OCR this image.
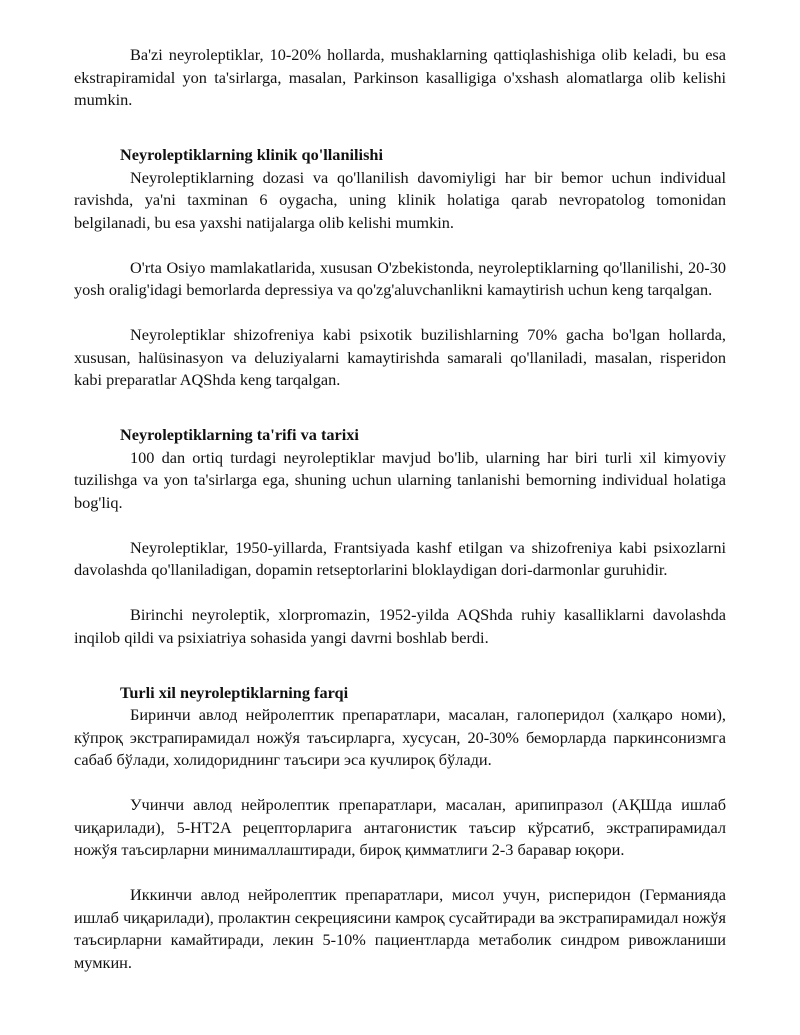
Ba'zi neyroleptiklar, 10-20% hollarda, mushaklarning qattiqlashishiga olib keladi, bu esa ekstrapiramidal yon ta'sirlarga, masalan, Parkinson kasalligiga o'xshash alomatlarga olib kelishi mumkin.

Neyroleptiklarning klinik qo'llanilishi

Neyroleptiklarning dozasi va qo'llanilish davomiyligi har bir bemor uchun individual ravishda, ya'ni taxminan 6 oygacha, uning klinik holatiga qarab nevropatolog tomonidan belgilanadi, bu esa yaxshi natijalarga olib kelishi mumkin.

O'rta Osiyo mamlakatlarida, xususan O'zbekistonda, neyroleptiklarning qo'llanilishi, 20-30 yosh oralig'idagi bemorlarda depressiya va qo'zg'aluvchanlikni kamaytirish uchun keng tarqalgan.

Neyroleptiklar shizofreniya kabi psixotik buzilishlarning 70% gacha bo'lgan hollarda, xususan, halüsinasyon va deluziyalarni kamaytirishda samarali qo'llaniladi, masalan, risperidon kabi preparatlar AQShda keng tarqalgan.

Neyroleptiklarning ta'rifi va tarixi

100 dan ortiq turdagi neyroleptiklar mavjud bo'lib, ularning har biri turli xil kimyoviy tuzilishga va yon ta'sirlarga ega, shuning uchun ularning tanlanishi bemorning individual holatiga bog'liq.

Neyroleptiklar, 1950-yillarda, Frantsiyada kashf etilgan va shizofreniya kabi psixozlarni davolashda qo'llaniladigan, dopamin retseptorlarini bloklaydigan dori-darmonlar guruhidir.

Birinchi neyroleptik, xlorpromazin, 1952-yilda AQShda ruhiy kasalliklarni davolashda inqilob qildi va psixiatriya sohasida yangi davrni boshlab berdi.

Turli xil neyroleptiklarning farqi

Биринчи авлод нейролептик препаратлари, масалан, галоперидол (халқаро номи), кўпроқ экстрапирамидал ножўя таъсирларга, хусусан, 20-30% беморларда паркинсонизмга сабаб бўлади, холидориднинг таъсири эса кучлироқ бўлади.

Учинчи авлод нейролептик препаратлари, масалан, арипипразол (АҚШда ишлаб чиқарилади), 5-HT2A рецепторларига антагонистик таъсир кўрсатиб, экстрапирамидал ножўя таъсирларни минималлаштиради, бироқ қимматлиги 2-3 баравар юқори.

Иккинчи авлод нейролептик препаратлари, мисол учун, рисперидон (Германияда ишлаб чиқарилади), пролактин секрециясини камроқ сусайтиради ва экстрапирамидал ножўя таъсирларни камайтиради, лекин 5-10% пациентларда метаболик синдром ривожланиши мумкин.
